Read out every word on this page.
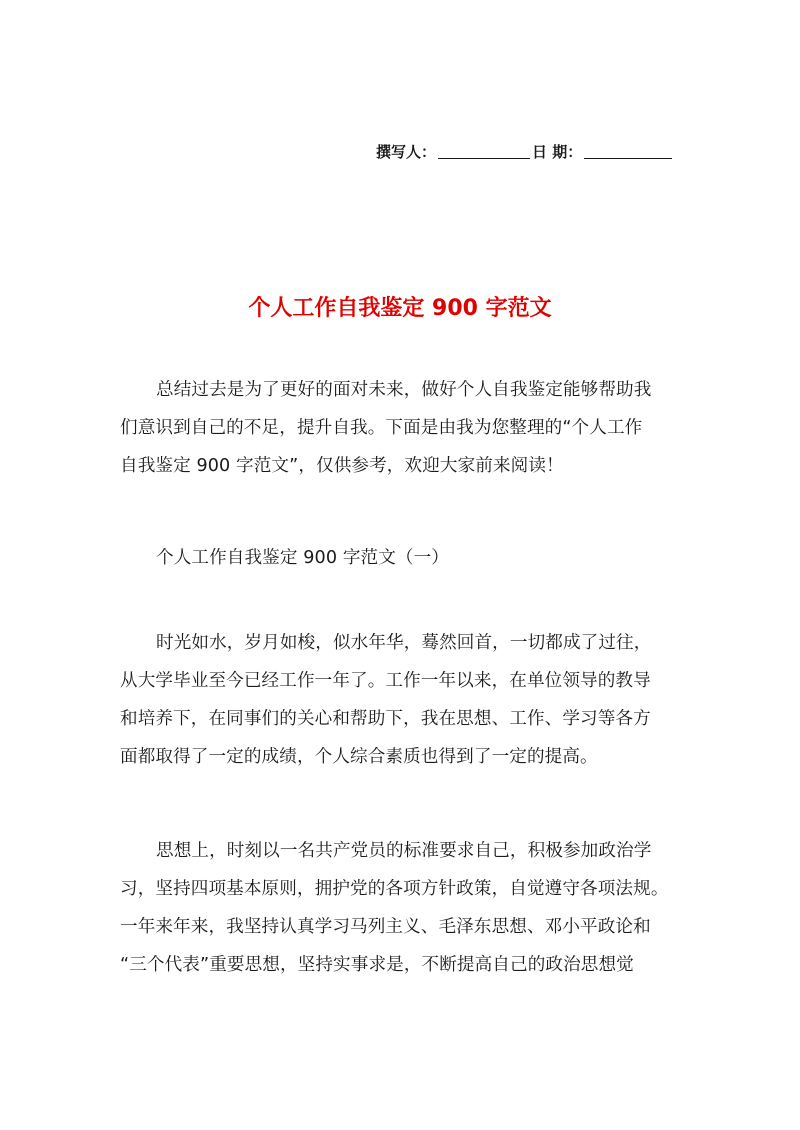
撰写人：	日 期：
个人工作自我鉴定 900 字范文
总结过去是为了更好的面对未来，做好个人自我鉴定能够帮助我
们意识到自己的不足，提升自我。下面是由我为您整理的“个人工作
自我鉴定 900 字范文”，仅供参考，欢迎大家前来阅读！
个人工作自我鉴定 900 字范文（一）
时光如水，岁月如梭，似水年华，蓦然回首，一切都成了过往，
从大学毕业至今已经工作一年了。工作一年以来，在单位领导的教导
和培养下，在同事们的关心和帮助下，我在思想、工作、学习等各方
面都取得了一定的成绩，个人综合素质也得到了一定的提高。
思想上，时刻以一名共产党员的标准要求自己，积极参加政治学
习，坚持四项基本原则，拥护党的各项方针政策，自觉遵守各项法规。
一年来年来，我坚持认真学习马列主义、毛泽东思想、邓小平政论和
“三个代表”重要思想，坚持实事求是，不断提高自己的政治思想觉
